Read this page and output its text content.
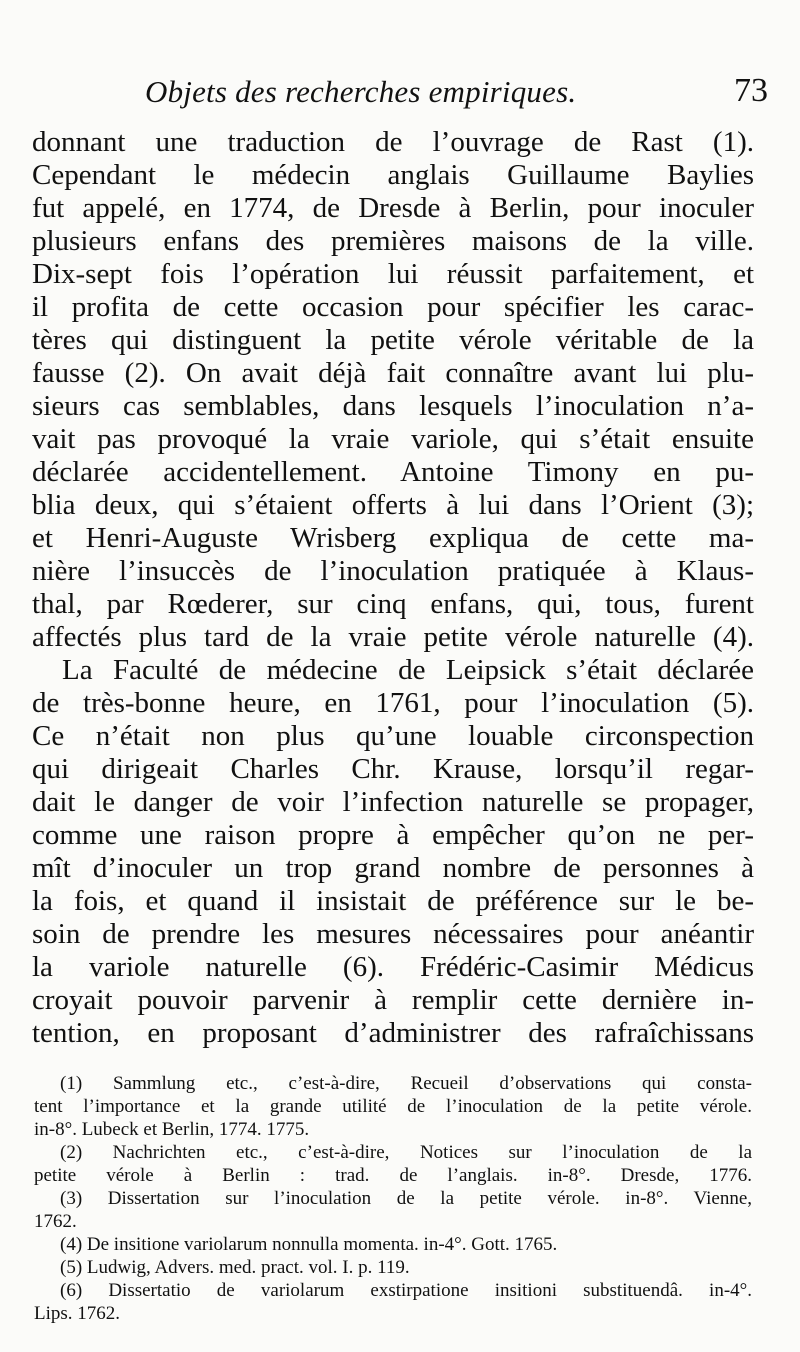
Objets des recherches empiriques.	73
donnant une traduction de l’ouvrage de Rast (1).
Cependant le médecin anglais Guillaume Baylies
fut appelé, en 1774, de Dresde à Berlin, pour inoculer
plusieurs enfans des premières maisons de la ville.
Dix-sept fois l’opération lui réussit parfaitement, et
il profita de cette occasion pour spécifier les carac-
tères qui distinguent la petite vérole véritable de la
fausse (2). On avait déjà fait connaître avant lui plu-
sieurs cas semblables, dans lesquels l’inoculation n’a-
vait pas provoqué la vraie variole, qui s’était ensuite
déclarée accidentellement. Antoine Timony en pu-
blia deux, qui s’étaient offerts à lui dans l’Orient (3);
et Henri-Auguste Wrisberg expliqua de cette ma-
nière l’insuccès de l’inoculation pratiquée à Klaus-
thal, par Rœderer, sur cinq enfans, qui, tous, furent
affectés plus tard de la vraie petite vérole naturelle (4).
La Faculté de médecine de Leipsick s’était déclarée
de très-bonne heure, en 1761, pour l’inoculation (5).
Ce n’était non plus qu’une louable circonspection
qui dirigeait Charles Chr. Krause, lorsqu’il regar-
dait le danger de voir l’infection naturelle se propager,
comme une raison propre à empêcher qu’on ne per-
mît d’inoculer un trop grand nombre de personnes à
la fois, et quand il insistait de préférence sur le be-
soin de prendre les mesures nécessaires pour anéantir
la variole naturelle (6). Frédéric-Casimir Médicus
croyait pouvoir parvenir à remplir cette dernière in-
tention, en proposant d’administrer des rafraîchissans
(1) Sammlung etc., c’est-à-dire, Recueil d’observations qui consta-
tent l’importance et la grande utilité de l’inoculation de la petite vérole.
in-8°. Lubeck et Berlin, 1774. 1775.
(2) Nachrichten etc., c’est-à-dire, Notices sur l’inoculation de la
petite vérole à Berlin : trad. de l’anglais. in-8°. Dresde, 1776.
(3) Dissertation sur l’inoculation de la petite vérole. in-8°. Vienne,
1762.
(4) De insitione variolarum nonnulla momenta. in-4°. Gott. 1765.
(5) Ludwig, Advers. med. pract. vol. I. p. 119.
(6) Dissertatio de variolarum exstirpatione insitioni substituendâ. in-4°.
Lips. 1762.
